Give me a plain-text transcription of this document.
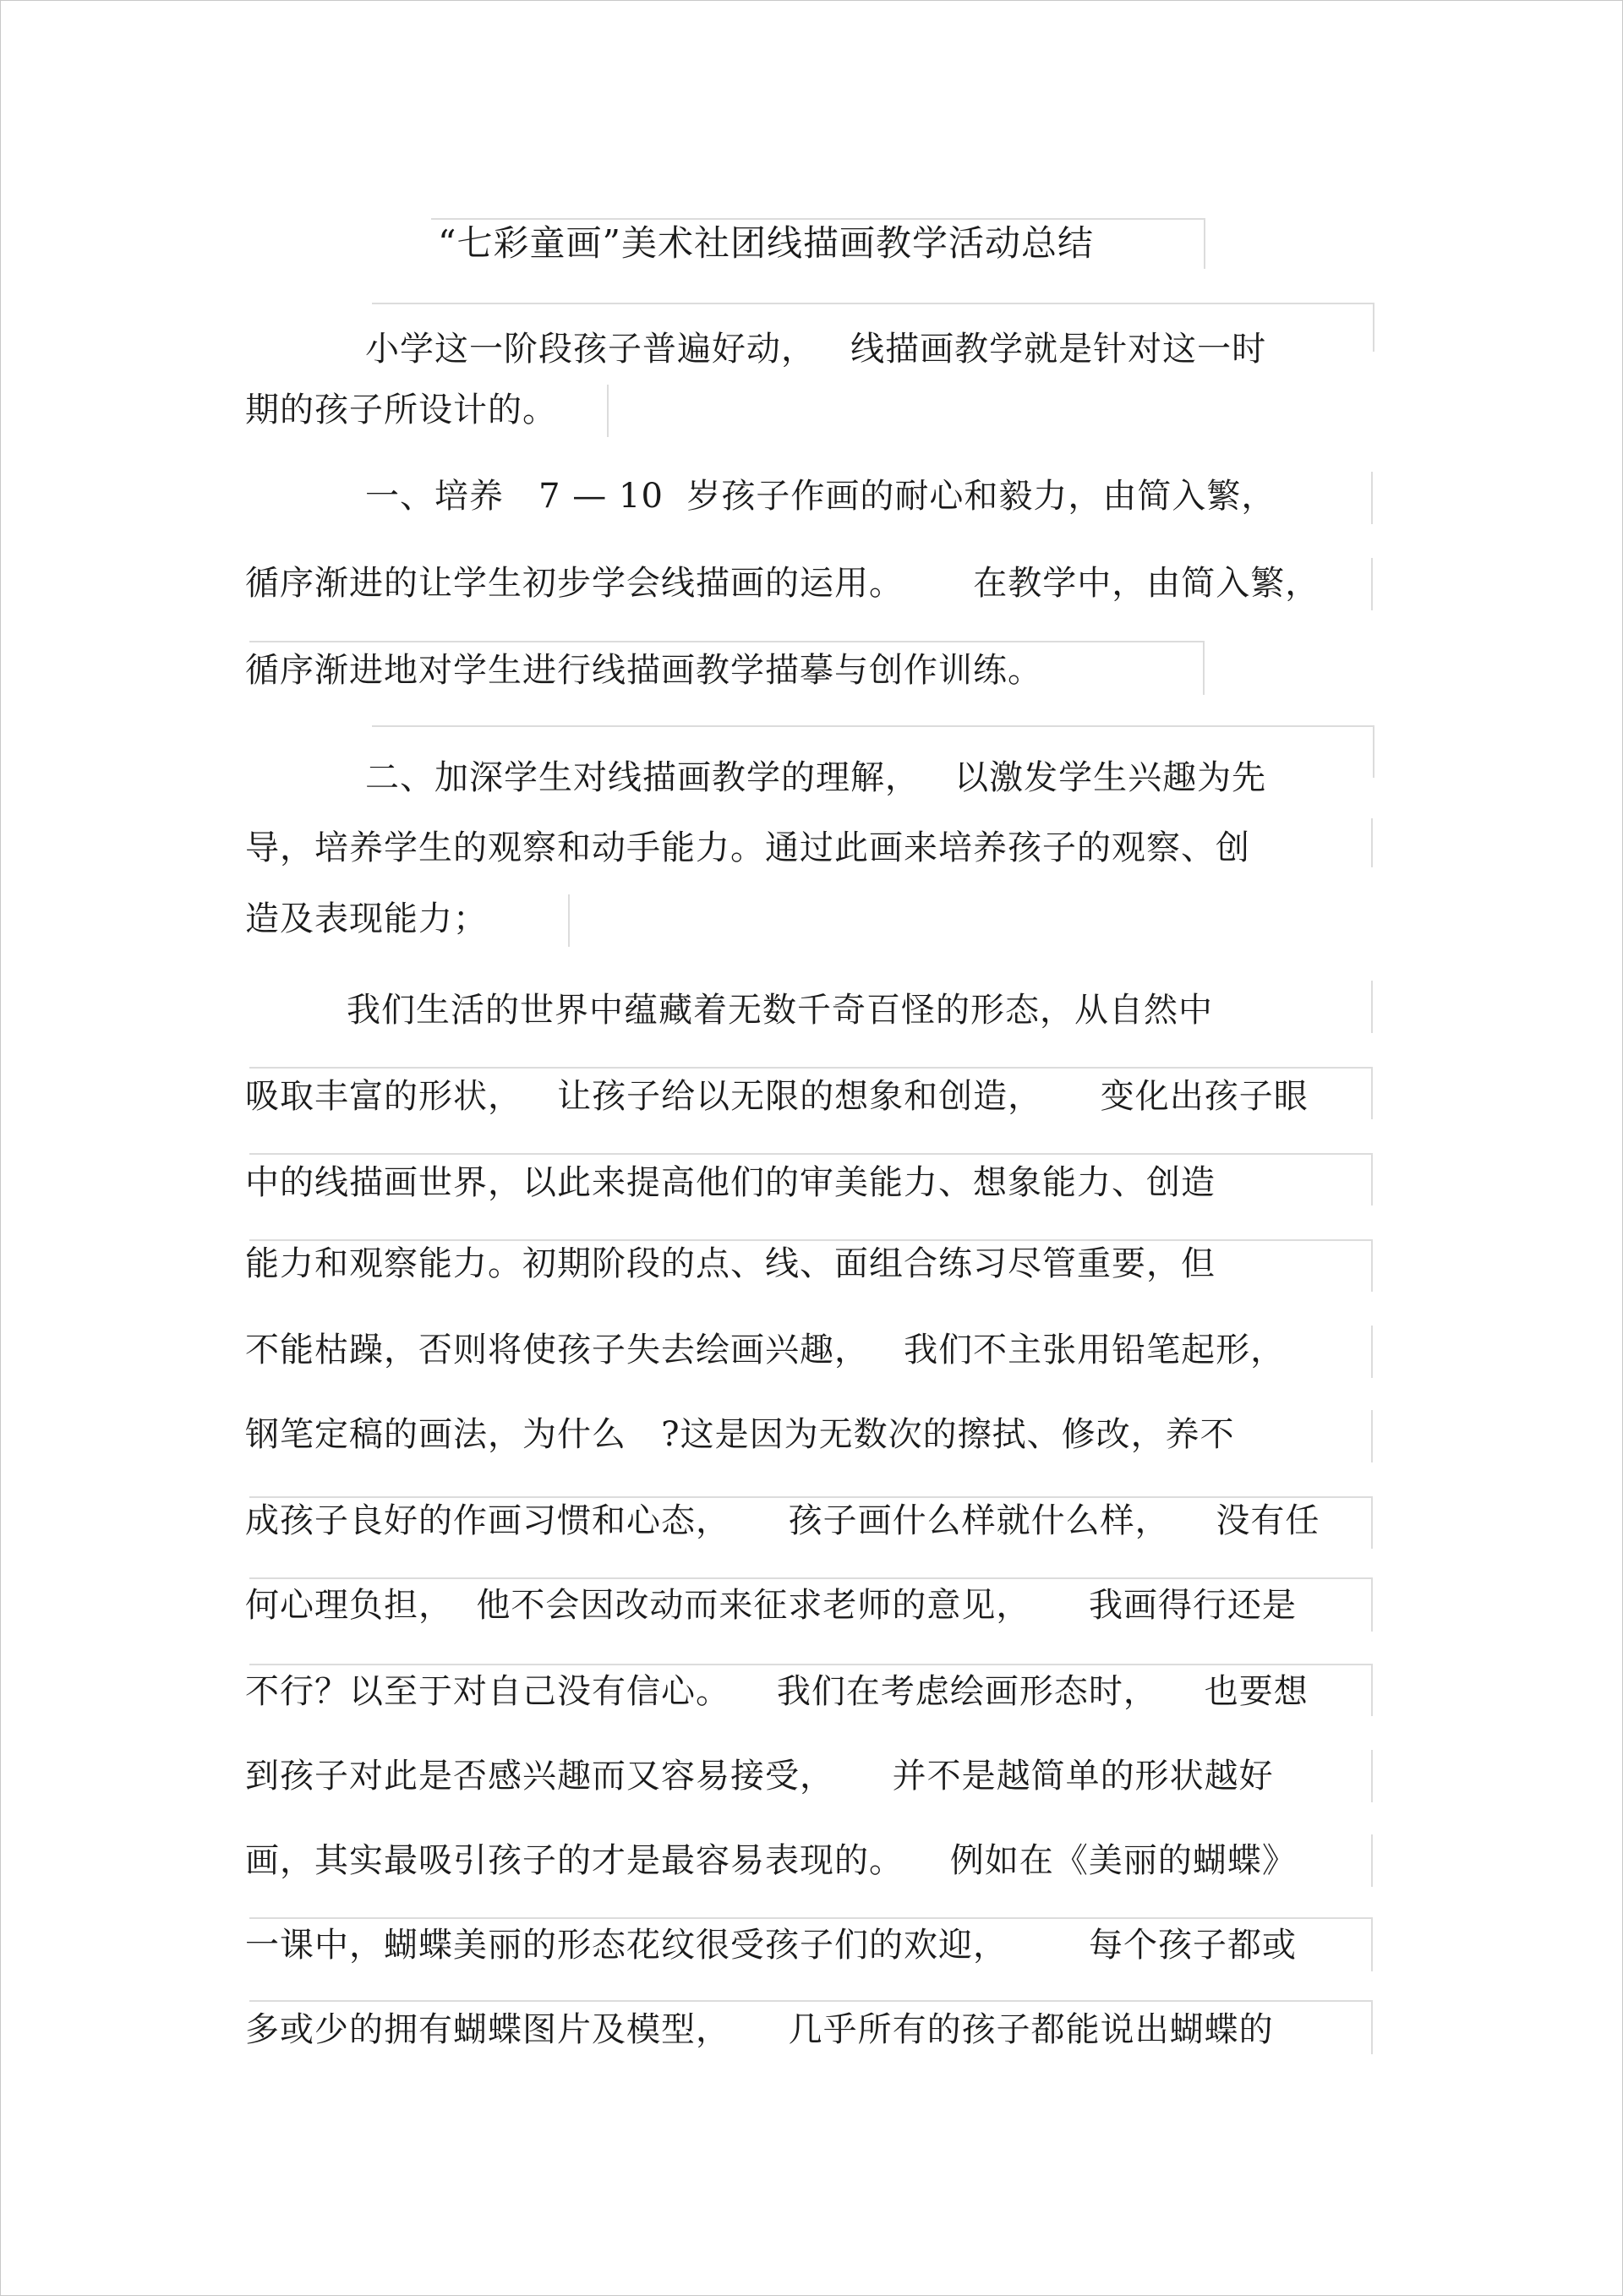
“七彩童画”美术社团线描画教学活动总结
小学这一阶段孩子普遍好动，   线描画教学就是针对这一时
期的孩子所设计的。
一、培养   7 — 10  岁孩子作画的耐心和毅力，由简入繁，
循序渐进的让学生初步学会线描画的运用。      在教学中，由简入繁，
循序渐进地对学生进行线描画教学描摹与创作训练。
二、加深学生对线描画教学的理解，   以激发学生兴趣为先
导，培养学生的观察和动手能力。通过此画来培养孩子的观察、创
造及表现能力；
我们生活的世界中蕴藏着无数千奇百怪的形态，从自然中
吸取丰富的形状，   让孩子给以无限的想象和创造，     变化出孩子眼
中的线描画世界，以此来提高他们的审美能力、想象能力、创造
能力和观察能力。初期阶段的点、线、面组合练习尽管重要，但
不能枯躁，否则将使孩子失去绘画兴趣，   我们不主张用铅笔起形，
钢笔定稿的画法，为什么   ?这是因为无数次的擦拭、修改，养不
成孩子良好的作画习惯和心态，     孩子画什么样就什么样，    没有任
何心理负担，  他不会因改动而来征求老师的意见，     我画得行还是
不行？以至于对自己没有信心。    我们在考虑绘画形态时，    也要想
到孩子对此是否感兴趣而又容易接受，     并不是越简单的形状越好
画，其实最吸引孩子的才是最容易表现的。    例如在《美丽的蝴蝶》
一课中，蝴蝶美丽的形态花纹很受孩子们的欢迎，       每个孩子都或
多或少的拥有蝴蝶图片及模型，     几乎所有的孩子都能说出蝴蝶的
